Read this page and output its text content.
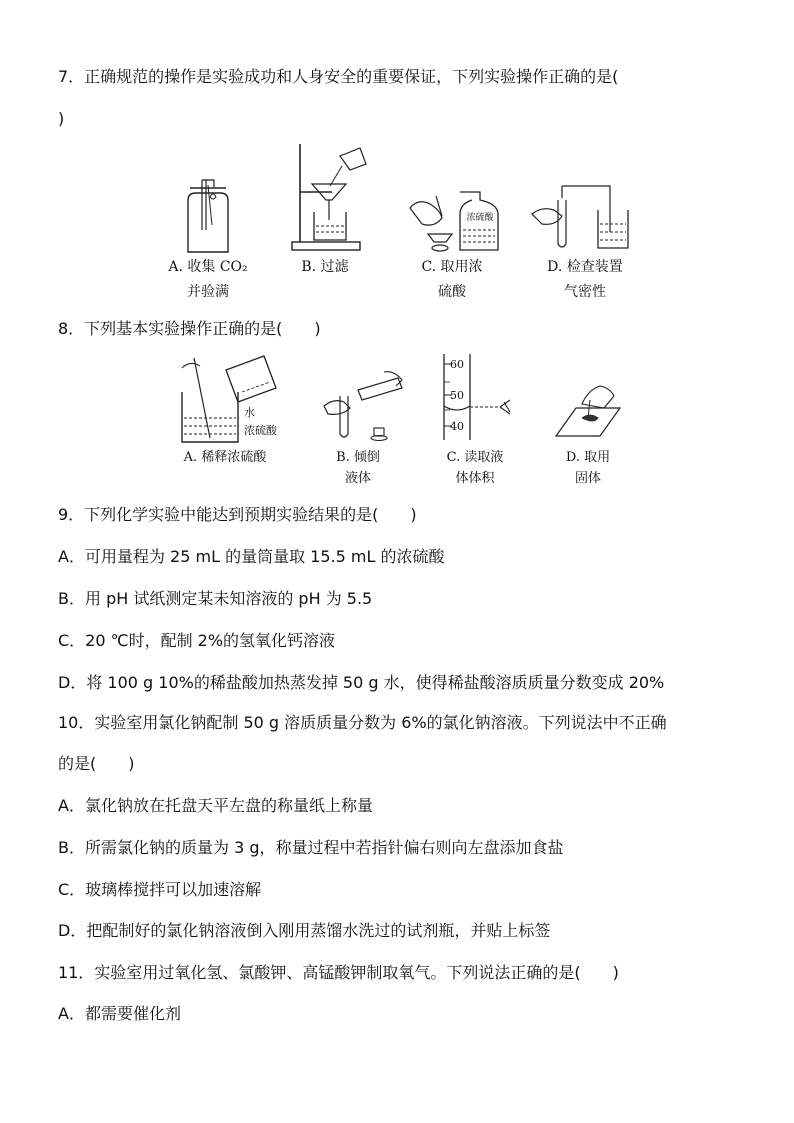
7．正确规范的操作是实验成功和人身安全的重要保证，下列实验操作正确的是(
)
A. 收集 CO₂
并验满
B. 过滤
浓硫酸
C. 取用浓
硫酸
D. 检查装置
气密性
8．下列基本实验操作正确的是(　　)
水
浓硫酸
A. 稀释浓硫酸	B. 倾倒
液体
60
50
40
C. 读取液
体体积
D. 取用
固体
9．下列化学实验中能达到预期实验结果的是(　　)
A．可用量程为 25 mL 的量筒量取 15.5 mL 的浓硫酸
B．用 pH 试纸测定某未知溶液的 pH 为 5.5
C．20 ℃时，配制 2%的氢氧化钙溶液
D．将 100 g 10%的稀盐酸加热蒸发掉 50 g 水，使得稀盐酸溶质质量分数变成 20%
10．实验室用氯化钠配制 50 g 溶质质量分数为 6%的氯化钠溶液。下列说法中不正确
的是(　　)
A．氯化钠放在托盘天平左盘的称量纸上称量
B．所需氯化钠的质量为 3 g，称量过程中若指针偏右则向左盘添加食盐
C．玻璃棒搅拌可以加速溶解
D．把配制好的氯化钠溶液倒入刚用蒸馏水洗过的试剂瓶，并贴上标签
11．实验室用过氧化氢、氯酸钾、高锰酸钾制取氧气。下列说法正确的是(　　)
A．都需要催化剂
